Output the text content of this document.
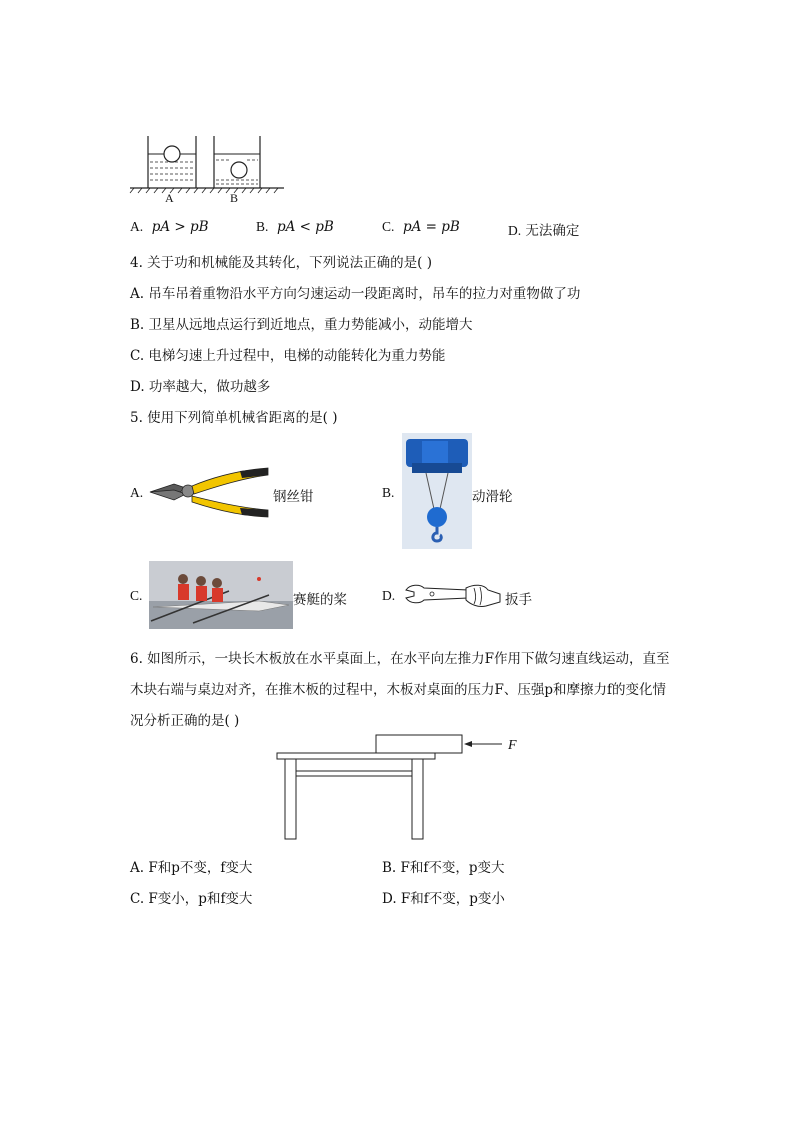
A	B
A. pA > pB	B. pA < pB	C. pA = pB	D. 无法确定
4. 关于功和机械能及其转化，下列说法正确的是( )
A. 吊车吊着重物沿水平方向匀速运动一段距离时，吊车的拉力对重物做了功
B. 卫星从远地点运行到近地点，重力势能减小，动能增大
C. 电梯匀速上升过程中，电梯的动能转化为重力势能
D. 功率越大，做功越多
5. 使用下列简单机械省距离的是( )
A.	钢丝钳	B.	动滑轮
C.	赛艇的桨	D.	扳手
6. 如图所示，一块长木板放在水平桌面上，在水平向左推力F作用下做匀速直线运动，直至
木块右端与桌边对齐，在推木板的过程中，木板对桌面的压力F、压强p和摩擦力f的变化情
况分析正确的是( )
F
A. F和p不变，f变大	B. F和f不变，p变大
C. F变小，p和f变大	D. F和f不变，p变小
